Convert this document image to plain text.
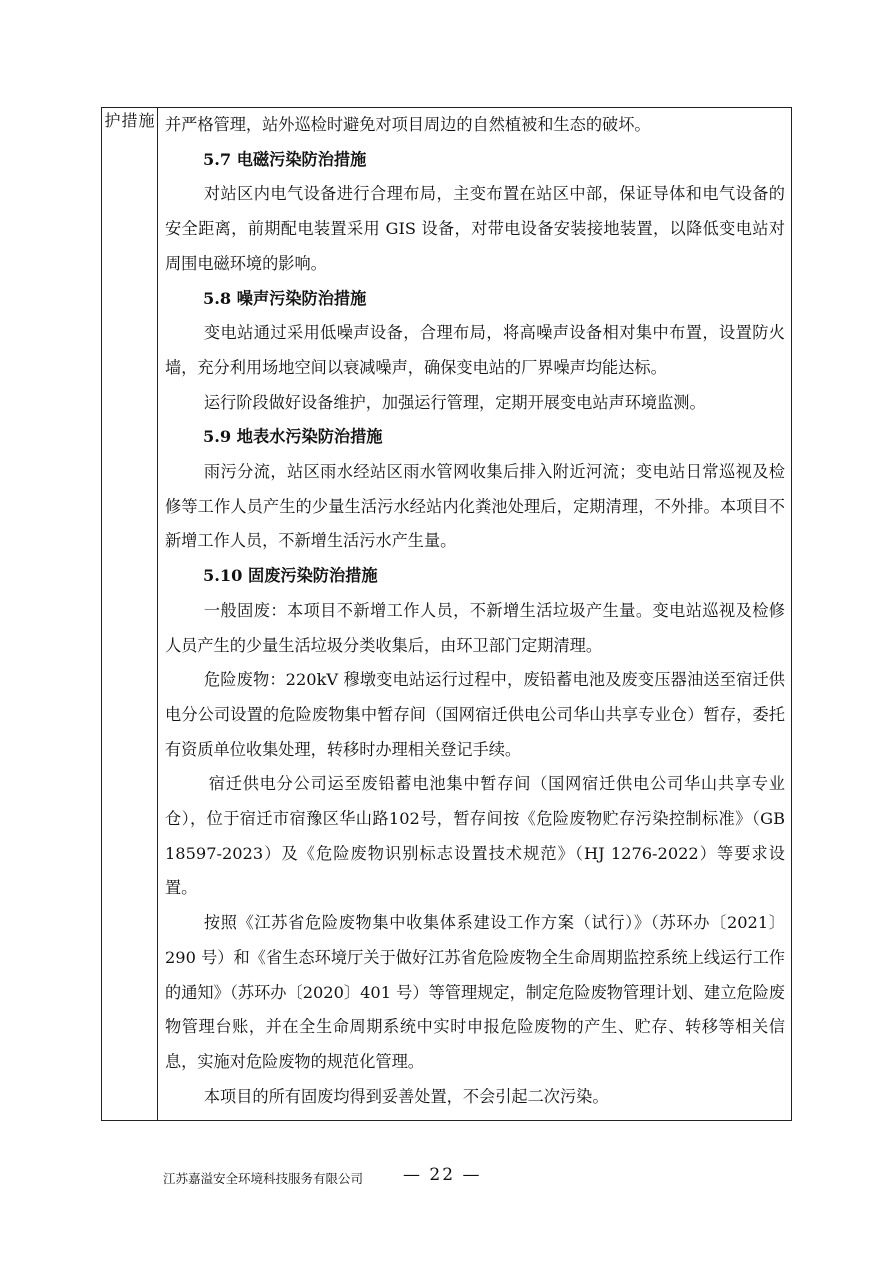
护措施 并严格管理，站外巡检时避免对项目周边的自然植被和生态的破坏。

5.7 电磁污染防治措施

对站区内电气设备进行合理布局，主变布置在站区中部，保证导体和电气设备的安全距离，前期配电装置采用 GIS 设备，对带电设备安装接地装置，以降低变电站对周围电磁环境的影响。

5.8 噪声污染防治措施

变电站通过采用低噪声设备，合理布局，将高噪声设备相对集中布置，设置防火墙，充分利用场地空间以衰减噪声，确保变电站的厂界噪声均能达标。

运行阶段做好设备维护，加强运行管理，定期开展变电站声环境监测。

5.9 地表水污染防治措施

雨污分流，站区雨水经站区雨水管网收集后排入附近河流；变电站日常巡视及检修等工作人员产生的少量生活污水经站内化粪池处理后，定期清理，不外排。本项目不新增工作人员，不新增生活污水产生量。

5.10 固废污染防治措施

一般固废：本项目不新增工作人员，不新增生活垃圾产生量。变电站巡视及检修人员产生的少量生活垃圾分类收集后，由环卫部门定期清理。

危险废物：220kV 穆墩变电站运行过程中，废铅蓄电池及废变压器油送至宿迁供电分公司设置的危险废物集中暂存间（国网宿迁供电公司华山共享专业仓）暂存，委托有资质单位收集处理，转移时办理相关登记手续。

宿迁供电分公司运至废铅蓄电池集中暂存间（国网宿迁供电公司华山共享专业仓），位于宿迁市宿豫区华山路102号，暂存间按《危险废物贮存污染控制标准》（GB 18597-2023）及《危险废物识别标志设置技术规范》（HJ 1276-2022）等要求设置。

按照《江苏省危险废物集中收集体系建设工作方案（试行）》（苏环办〔2021〕290 号）和《省生态环境厅关于做好江苏省危险废物全生命周期监控系统上线运行工作的通知》（苏环办〔2020〕401 号）等管理规定，制定危险废物管理计划、建立危险废物管理台账，并在全生命周期系统中实时申报危险废物的产生、贮存、转移等相关信息，实施对危险废物的规范化管理。

本项目的所有固废均得到妥善处置，不会引起二次污染。

江苏嘉溢安全环境科技服务有限公司 — 22 —
